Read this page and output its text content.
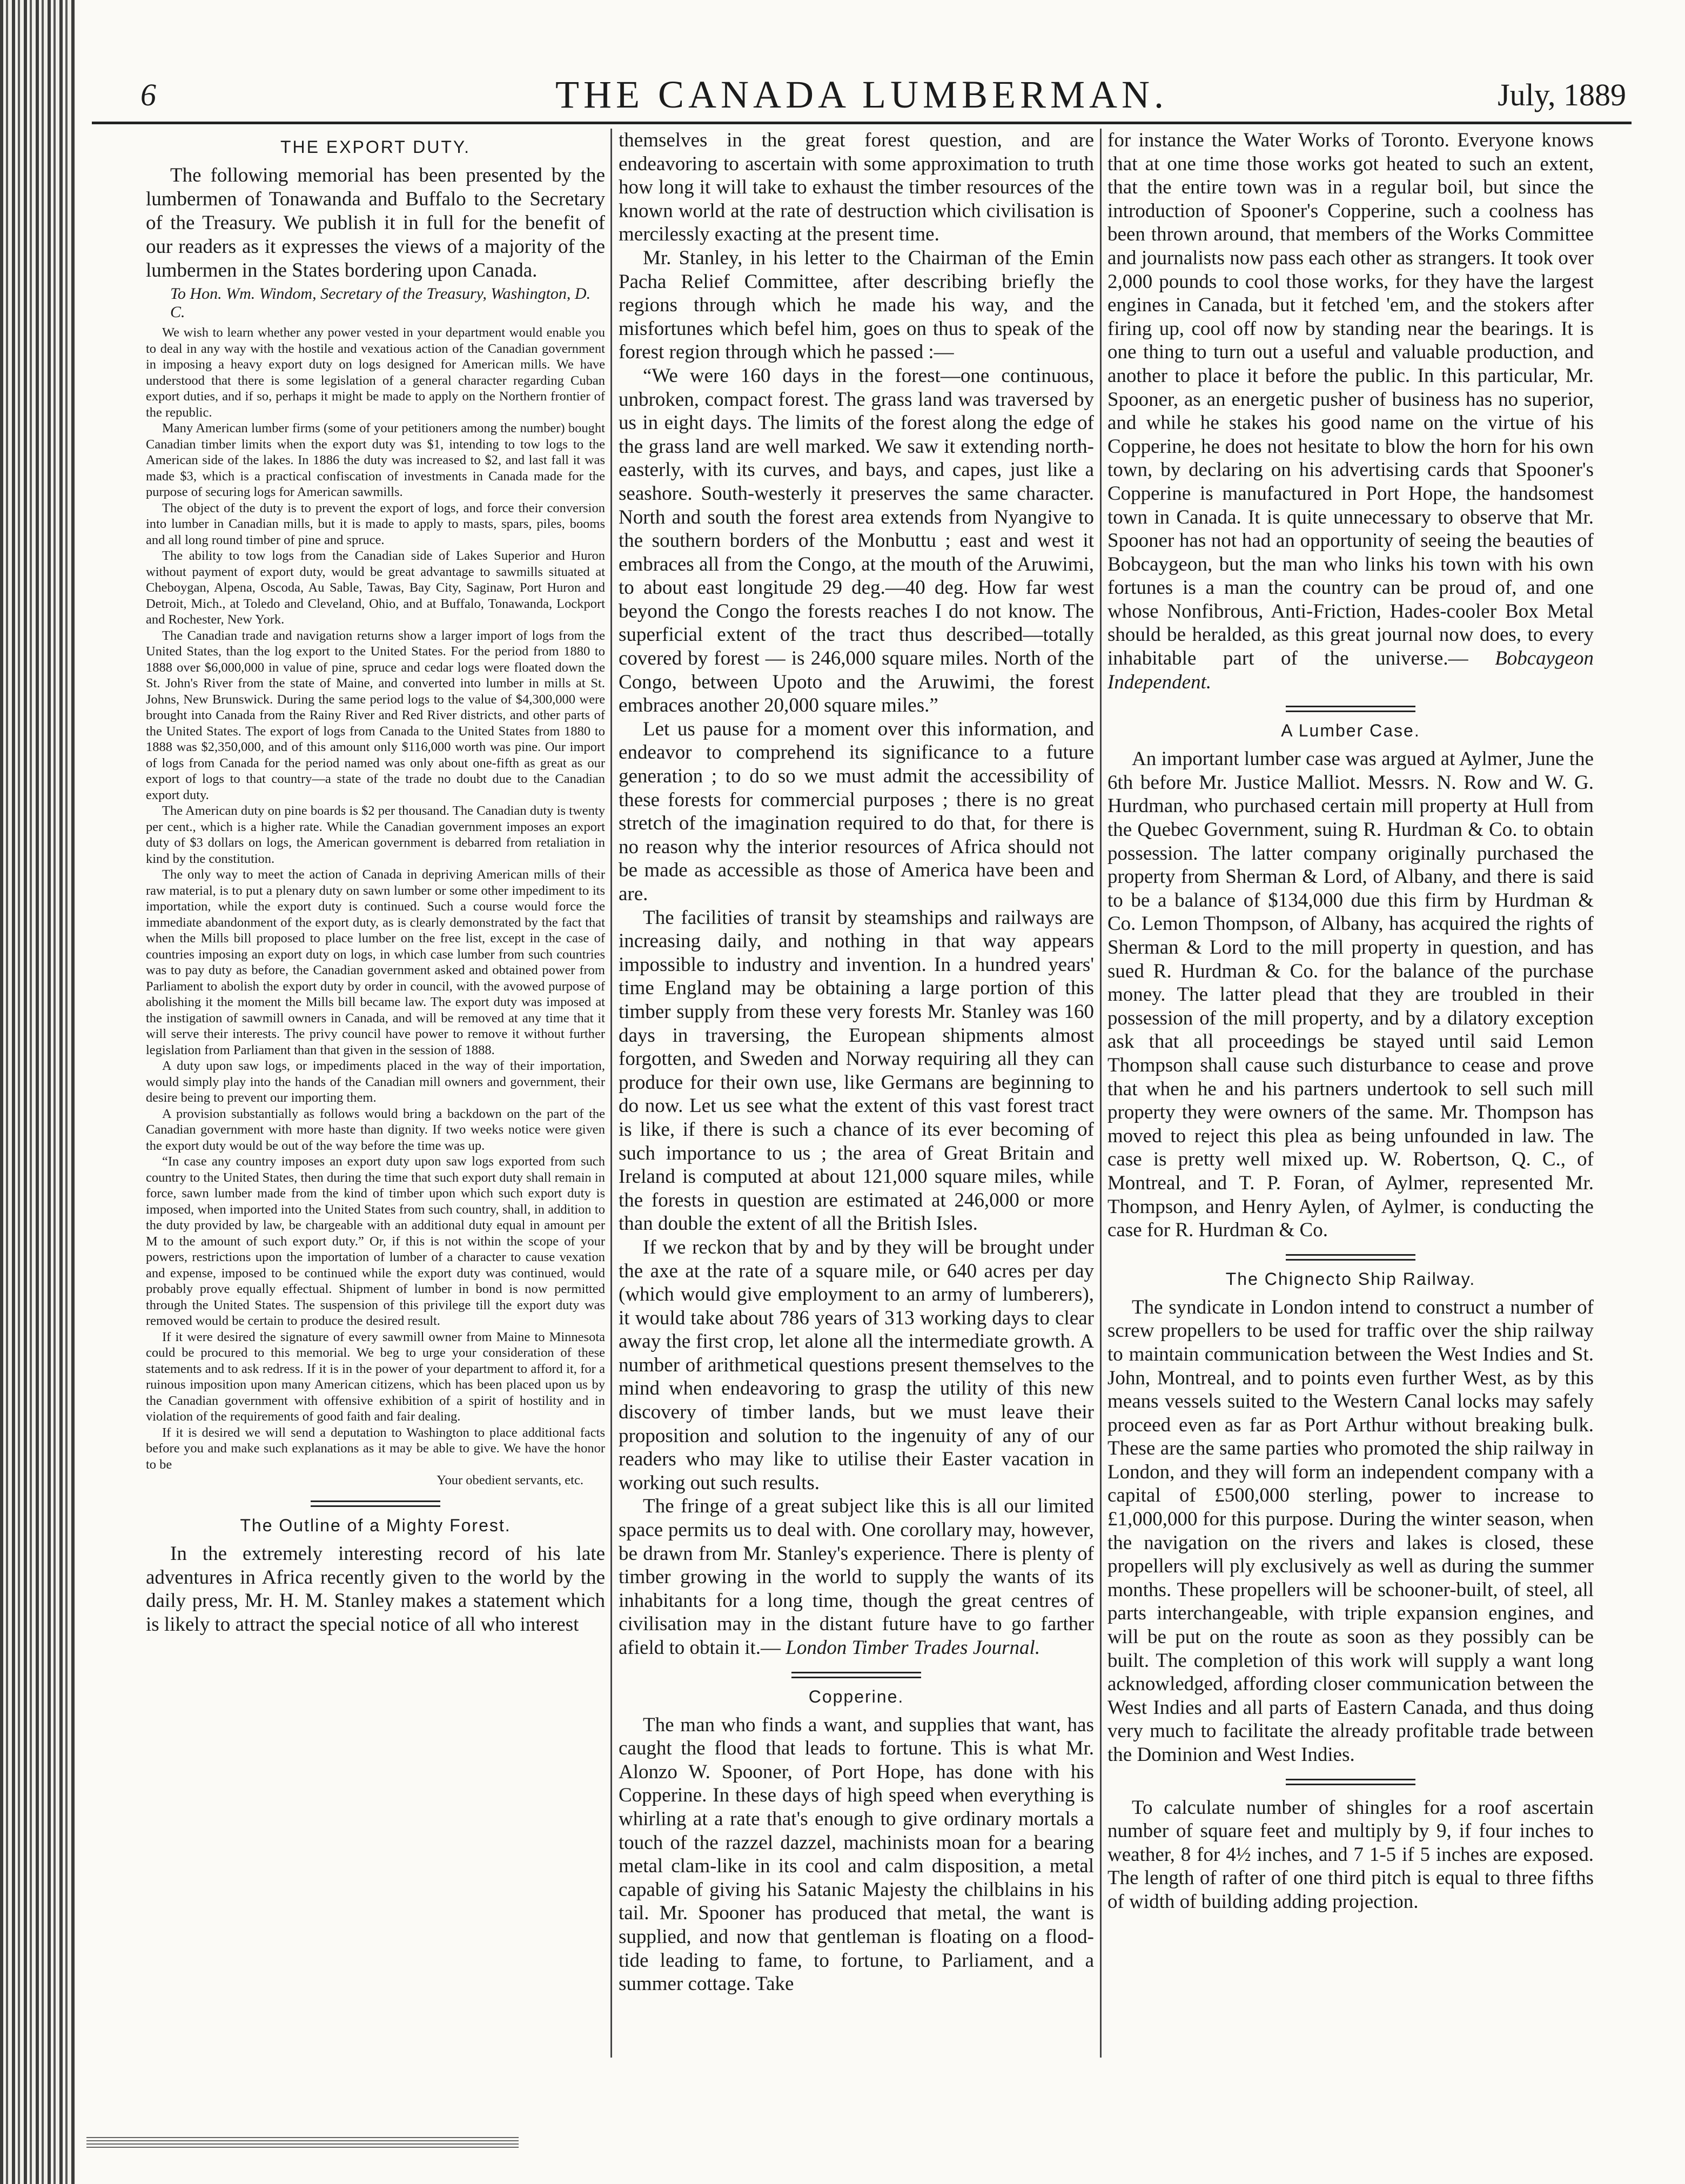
6	THE CANADA LUMBERMAN.	July, 1889
THE EXPORT DUTY.

The following memorial has been presented by the lumbermen of Tonawanda and Buffalo to the Secretary of the Treasury. We publish it in full for the benefit of our readers as it expresses the views of a majority of the lumbermen in the States bordering upon Canada.

To Hon. Wm. Windom, Secretary of the Treasury, Washington, D. C.

We wish to learn whether any power vested in your department would enable you to deal in any way with the hostile and vexatious action of the Canadian government in imposing a heavy export duty on logs designed for American mills. We have understood that there is some legislation of a general character regarding Cuban export duties, and if so, perhaps it might be made to apply on the Northern frontier of the republic.

Many American lumber firms (some of your petitioners among the number) bought Canadian timber limits when the export duty was $1, intending to tow logs to the American side of the lakes. In 1886 the duty was increased to $2, and last fall it was made $3, which is a practical confiscation of investments in Canada made for the purpose of securing logs for American sawmills.

The object of the duty is to prevent the export of logs, and force their conversion into lumber in Canadian mills, but it is made to apply to masts, spars, piles, booms and all long round timber of pine and spruce.

The ability to tow logs from the Canadian side of Lakes Superior and Huron without payment of export duty, would be great advantage to sawmills situated at Cheboygan, Alpena, Oscoda, Au Sable, Tawas, Bay City, Saginaw, Port Huron and Detroit, Mich., at Toledo and Cleveland, Ohio, and at Buffalo, Tonawanda, Lockport and Rochester, New York.

The Canadian trade and navigation returns show a larger import of logs from the United States, than the log export to the United States. For the period from 1880 to 1888 over $6,000,000 in value of pine, spruce and cedar logs were floated down the St. John's River from the state of Maine, and converted into lumber in mills at St. Johns, New Brunswick. During the same period logs to the value of $4,300,000 were brought into Canada from the Rainy River and Red River districts, and other parts of the United States. The export of logs from Canada to the United States from 1880 to 1888 was $2,350,000, and of this amount only $116,000 worth was pine. Our import of logs from Canada for the period named was only about one-fifth as great as our export of logs to that country—a state of the trade no doubt due to the Canadian export duty.

The American duty on pine boards is $2 per thousand. The Canadian duty is twenty per cent., which is a higher rate. While the Canadian government imposes an export duty of $3 dollars on logs, the American government is debarred from retaliation in kind by the constitution.

The only way to meet the action of Canada in depriving American mills of their raw material, is to put a plenary duty on sawn lumber or some other impediment to its importation, while the export duty is continued. Such a course would force the immediate abandonment of the export duty, as is clearly demonstrated by the fact that when the Mills bill proposed to place lumber on the free list, except in the case of countries imposing an export duty on logs, in which case lumber from such countries was to pay duty as before, the Canadian government asked and obtained power from Parliament to abolish the export duty by order in council, with the avowed purpose of abolishing it the moment the Mills bill became law. The export duty was imposed at the instigation of sawmill owners in Canada, and will be removed at any time that it will serve their interests. The privy council have power to remove it without further legislation from Parliament than that given in the session of 1888.

A duty upon saw logs, or impediments placed in the way of their importation, would simply play into the hands of the Canadian mill owners and government, their desire being to prevent our importing them.

A provision substantially as follows would bring a backdown on the part of the Canadian government with more haste than dignity. If two weeks notice were given the export duty would be out of the way before the time was up.

“In case any country imposes an export duty upon saw logs exported from such country to the United States, then during the time that such export duty shall remain in force, sawn lumber made from the kind of timber upon which such export duty is imposed, when imported into the United States from such country, shall, in addition to the duty provided by law, be chargeable with an additional duty equal in amount per M to the amount of such export duty.” Or, if this is not within the scope of your powers, restrictions upon the importation of lumber of a character to cause vexation and expense, imposed to be continued while the export duty was continued, would probably prove equally effectual. Shipment of lumber in bond is now permitted through the United States. The suspension of this privilege till the export duty was removed would be certain to produce the desired result.

If it were desired the signature of every sawmill owner from Maine to Minnesota could be procured to this memorial. We beg to urge your consideration of these statements and to ask redress. If it is in the power of your department to afford it, for a ruinous imposition upon many American citizens, which has been placed upon us by the Canadian government with offensive exhibition of a spirit of hostility and in violation of the requirements of good faith and fair dealing.

If it is desired we will send a deputation to Washington to place additional facts before you and make such explanations as it may be able to give. We have the honor to be

Your obedient servants, etc.

The Outline of a Mighty Forest.

In the extremely interesting record of his late adventures in Africa recently given to the world by the daily press, Mr. H. M. Stanley makes a statement which is likely to attract the special notice of all who interest

themselves in the great forest question, and are endeavoring to ascertain with some approximation to truth how long it will take to exhaust the timber resources of the known world at the rate of destruction which civilisation is mercilessly exacting at the present time.

Mr. Stanley, in his letter to the Chairman of the Emin Pacha Relief Committee, after describing briefly the regions through which he made his way, and the misfortunes which befel him, goes on thus to speak of the forest region through which he passed :—

“We were 160 days in the forest—one continuous, unbroken, compact forest. The grass land was traversed by us in eight days. The limits of the forest along the edge of the grass land are well marked. We saw it extending north-easterly, with its curves, and bays, and capes, just like a seashore. South-westerly it preserves the same character. North and south the forest area extends from Nyangive to the southern borders of the Monbuttu ; east and west it embraces all from the Congo, at the mouth of the Aruwimi, to about east longitude 29 deg.—40 deg. How far west beyond the Congo the forests reaches I do not know. The superficial extent of the tract thus described—totally covered by forest — is 246,000 square miles. North of the Congo, between Upoto and the Aruwimi, the forest embraces another 20,000 square miles.”

Let us pause for a moment over this information, and endeavor to comprehend its significance to a future generation ; to do so we must admit the accessibility of these forests for commercial purposes ; there is no great stretch of the imagination required to do that, for there is no reason why the interior resources of Africa should not be made as accessible as those of America have been and are.

The facilities of transit by steamships and railways are increasing daily, and nothing in that way appears impossible to industry and invention. In a hundred years' time England may be obtaining a large portion of this timber supply from these very forests Mr. Stanley was 160 days in traversing, the European shipments almost forgotten, and Sweden and Norway requiring all they can produce for their own use, like Germans are beginning to do now. Let us see what the extent of this vast forest tract is like, if there is such a chance of its ever becoming of such importance to us ; the area of Great Britain and Ireland is computed at about 121,000 square miles, while the forests in question are estimated at 246,000 or more than double the extent of all the British Isles.

If we reckon that by and by they will be brought under the axe at the rate of a square mile, or 640 acres per day (which would give employment to an army of lumberers), it would take about 786 years of 313 working days to clear away the first crop, let alone all the intermediate growth. A number of arithmetical questions present themselves to the mind when endeavoring to grasp the utility of this new discovery of timber lands, but we must leave their proposition and solution to the ingenuity of any of our readers who may like to utilise their Easter vacation in working out such results.

The fringe of a great subject like this is all our limited space permits us to deal with. One corollary may, however, be drawn from Mr. Stanley's experience. There is plenty of timber growing in the world to supply the wants of its inhabitants for a long time, though the great centres of civilisation may in the distant future have to go farther afield to obtain it.— London Timber Trades Journal.

Copperine.

The man who finds a want, and supplies that want, has caught the flood that leads to fortune. This is what Mr. Alonzo W. Spooner, of Port Hope, has done with his Copperine. In these days of high speed when everything is whirling at a rate that's enough to give ordinary mortals a touch of the razzel dazzel, machinists moan for a bearing metal clam-like in its cool and calm disposition, a metal capable of giving his Satanic Majesty the chilblains in his tail. Mr. Spooner has produced that metal, the want is supplied, and now that gentleman is floating on a flood-tide leading to fame, to fortune, to Parliament, and a summer cottage. Take

for instance the Water Works of Toronto. Everyone knows that at one time those works got heated to such an extent, that the entire town was in a regular boil, but since the introduction of Spooner's Copperine, such a coolness has been thrown around, that members of the Works Committee and journalists now pass each other as strangers. It took over 2,000 pounds to cool those works, for they have the largest engines in Canada, but it fetched 'em, and the stokers after firing up, cool off now by standing near the bearings. It is one thing to turn out a useful and valuable production, and another to place it before the public. In this particular, Mr. Spooner, as an energetic pusher of business has no superior, and while he stakes his good name on the virtue of his Copperine, he does not hesitate to blow the horn for his own town, by declaring on his advertising cards that Spooner's Copperine is manufactured in Port Hope, the handsomest town in Canada. It is quite unnecessary to observe that Mr. Spooner has not had an opportunity of seeing the beauties of Bobcaygeon, but the man who links his town with his own fortunes is a man the country can be proud of, and one whose Nonfibrous, Anti-Friction, Hades-cooler Box Metal should be heralded, as this great journal now does, to every inhabitable part of the universe.— Bobcaygeon Independent.

A Lumber Case.

An important lumber case was argued at Aylmer, June the 6th before Mr. Justice Malliot. Messrs. N. Row and W. G. Hurdman, who purchased certain mill property at Hull from the Quebec Government, suing R. Hurdman & Co. to obtain possession. The latter company originally purchased the property from Sherman & Lord, of Albany, and there is said to be a balance of $134,000 due this firm by Hurdman & Co. Lemon Thompson, of Albany, has acquired the rights of Sherman & Lord to the mill property in question, and has sued R. Hurdman & Co. for the balance of the purchase money. The latter plead that they are troubled in their possession of the mill property, and by a dilatory exception ask that all proceedings be stayed until said Lemon Thompson shall cause such disturbance to cease and prove that when he and his partners undertook to sell such mill property they were owners of the same. Mr. Thompson has moved to reject this plea as being unfounded in law. The case is pretty well mixed up. W. Robertson, Q. C., of Montreal, and T. P. Foran, of Aylmer, represented Mr. Thompson, and Henry Aylen, of Aylmer, is conducting the case for R. Hurdman & Co.

The Chignecto Ship Railway.

The syndicate in London intend to construct a number of screw propellers to be used for traffic over the ship railway to maintain communication between the West Indies and St. John, Montreal, and to points even further West, as by this means vessels suited to the Western Canal locks may safely proceed even as far as Port Arthur without breaking bulk. These are the same parties who promoted the ship railway in London, and they will form an independent company with a capital of £500,000 sterling, power to increase to £1,000,000 for this purpose. During the winter season, when the navigation on the rivers and lakes is closed, these propellers will ply exclusively as well as during the summer months. These propellers will be schooner-built, of steel, all parts interchangeable, with triple expansion engines, and will be put on the route as soon as they possibly can be built. The completion of this work will supply a want long acknowledged, affording closer communication between the West Indies and all parts of Eastern Canada, and thus doing very much to facilitate the already profitable trade between the Dominion and West Indies.

To calculate number of shingles for a roof ascertain number of square feet and multiply by 9, if four inches to weather, 8 for 4½ inches, and 7 1-5 if 5 inches are exposed. The length of rafter of one third pitch is equal to three fifths of width of building adding projection.
